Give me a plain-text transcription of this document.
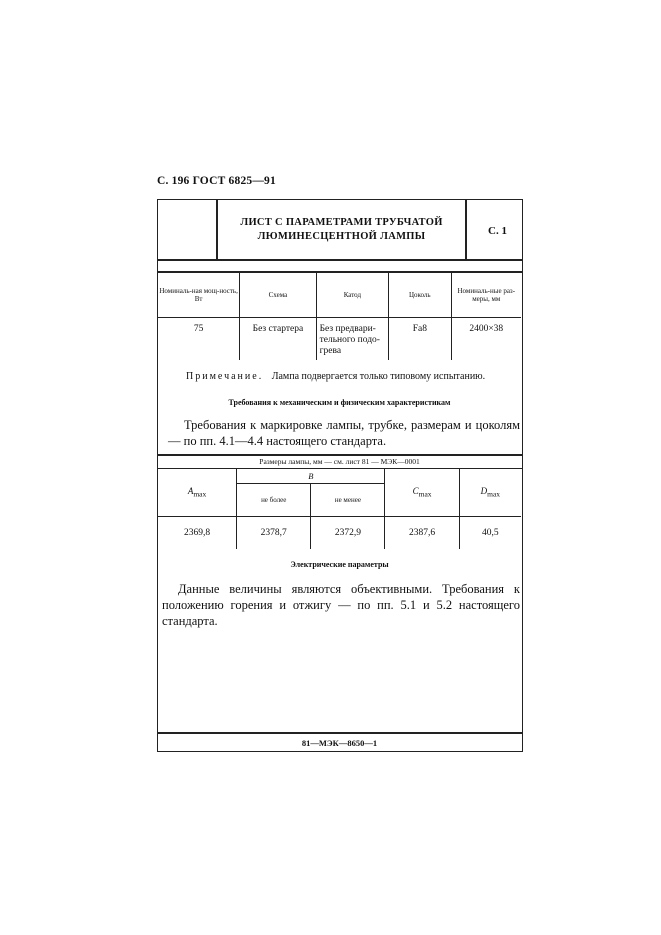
С. 196 ГОСТ 6825—91
ЛИСТ С ПАРАМЕТРАМИ ТРУБЧАТОЙ
ЛЮМИНЕСЦЕНТНОЙ ЛАМПЫ	С. 1
Номиналь-ная мощ-ность, Вт	Схема	Катод	Цоколь	Номиналь-ные раз-меры, мм
75	Без стартера	Без предвари-тельного подо-грева	Fa8	2400×38
Примечание. Лампа подвергается только типовому испытанию.
Требования к механическим и физическим характеристикам
Требования к маркировке лампы, трубке, размерам и цоколям — по пп. 4.1—4.4 настоящего стандарта.
Размеры лампы, мм — см. лист 81 — МЭК—0001
$A_{max}$	B		$C_{max}$	$D_{max}$
	не более	не менее		
2369,8	2378,7	2372,9	2387,6	40,5
Электрические параметры
Данные величины являются объективными. Требования к положению горения и отжигу — по пп. 5.1 и 5.2 настоящего стандарта.
81—МЭК—8650—1
